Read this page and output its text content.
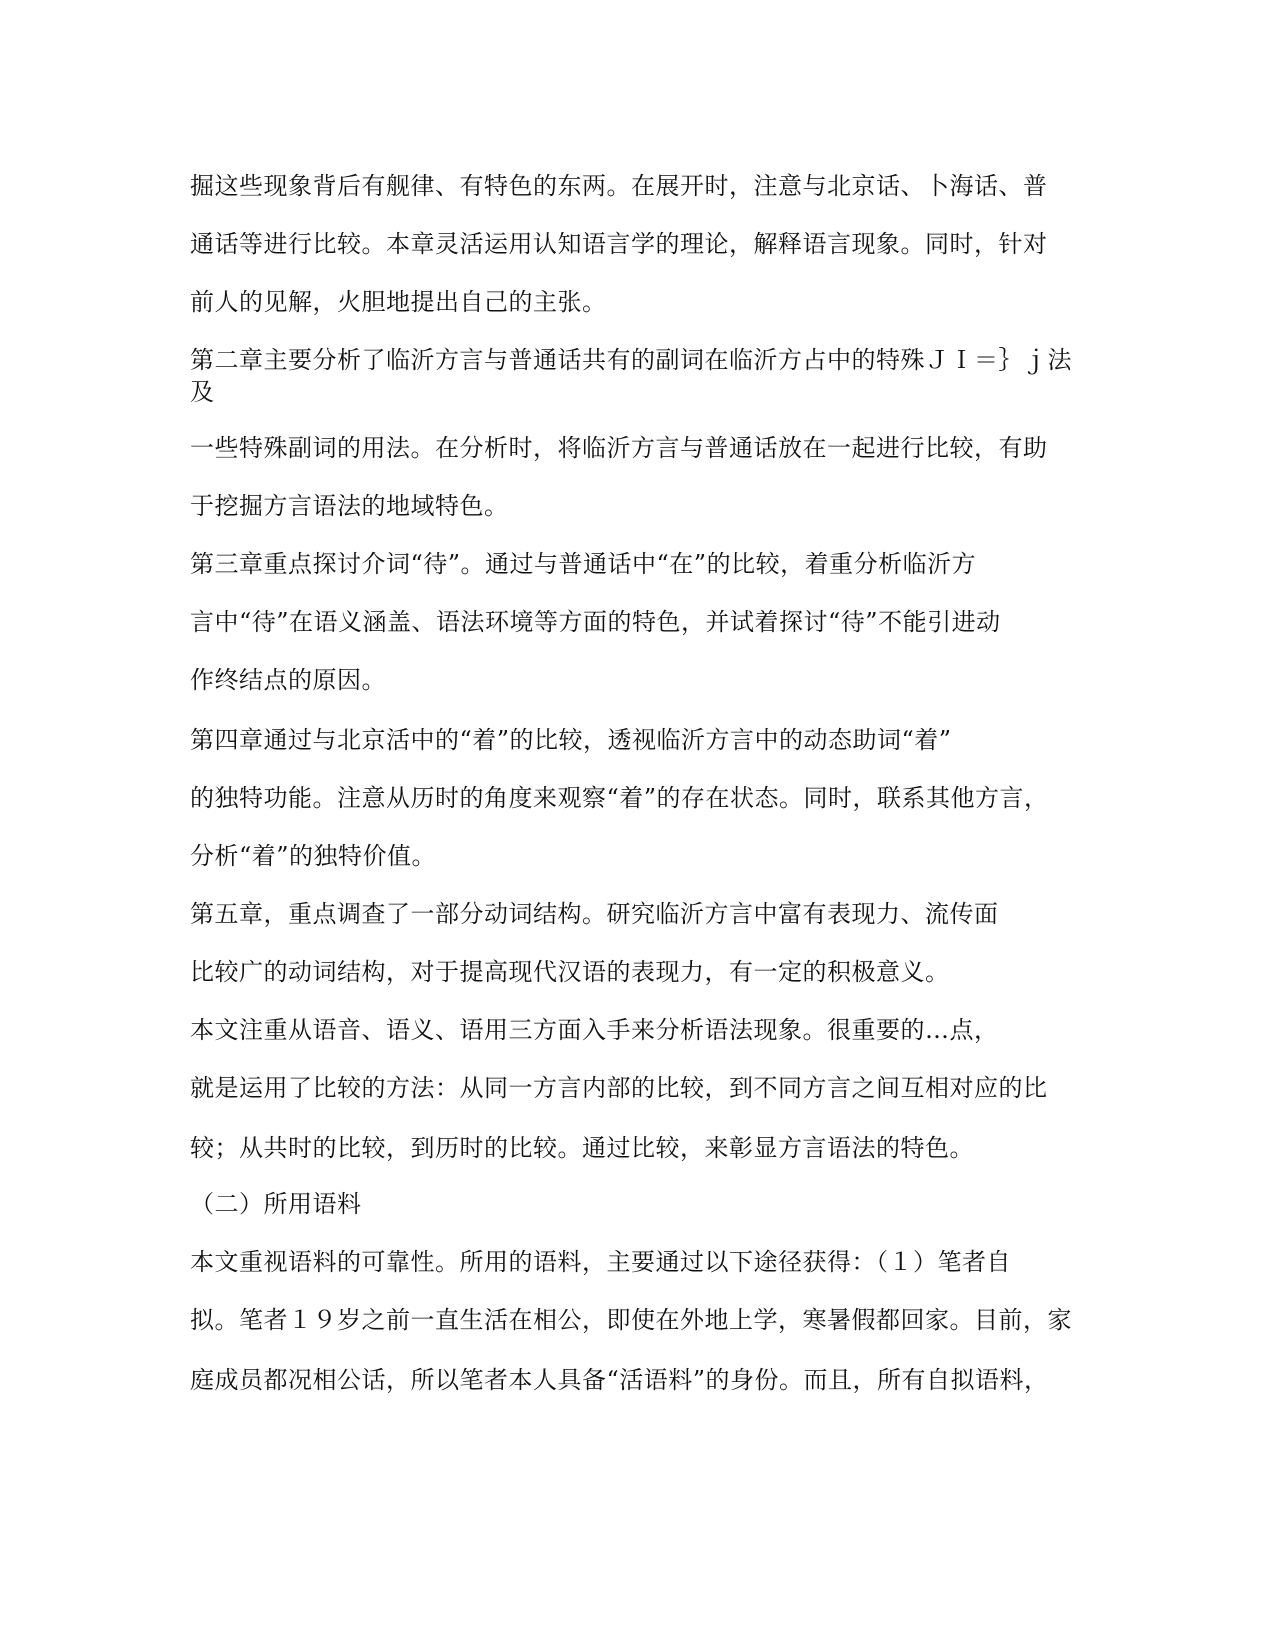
掘这些现象背后有舰律、有特色的东两。在展开时，注意与北京话、卜海话、普
通话等进行比较。本章灵活运用认知语言学的理论，解释语言现象。同时，针对
前人的见解，火胆地提出自己的主张。
第二章主要分析了临沂方言与普通话共有的副词在临沂方占中的特殊ＪＩ＝｝ｊ法
及
一些特殊副词的用法。在分析时，将临沂方言与普通话放在一起进行比较，有助
于挖掘方言语法的地域特色。
第三章重点探讨介词“待”。通过与普通话中“在”的比较，着重分析临沂方
言中“待”在语义涵盖、语法环境等方面的特色，并试着探讨“待”不能引进动
作终结点的原因。
第四章通过与北京活中的“着”的比较，透视临沂方言中的动态助词“着”
的独特功能。注意从历时的角度来观察“着”的存在状态。同时，联系其他方言，
分析“着”的独特价值。
第五章，重点调查了一部分动词结构。研究临沂方言中富有表现力、流传面
比较广的动词结构，对于提高现代汉语的表现力，有一定的积极意义。
本文注重从语音、语义、语用三方面入手来分析语法现象。很重要的…点，
就是运用了比较的方法：从同一方言内部的比较，到不同方言之间互相对应的比
较；从共时的比较，到历时的比较。通过比较，来彰显方言语法的特色。
（二）所用语料
本文重视语料的可靠性。所用的语料，主要通过以下途径获得：（１）笔者自
拟。笔者１９岁之前一直生活在相公，即使在外地上学，寒暑假都回家。目前，家
庭成员都况相公话，所以笔者本人具备“活语料”的身份。而且，所有自拟语料，
